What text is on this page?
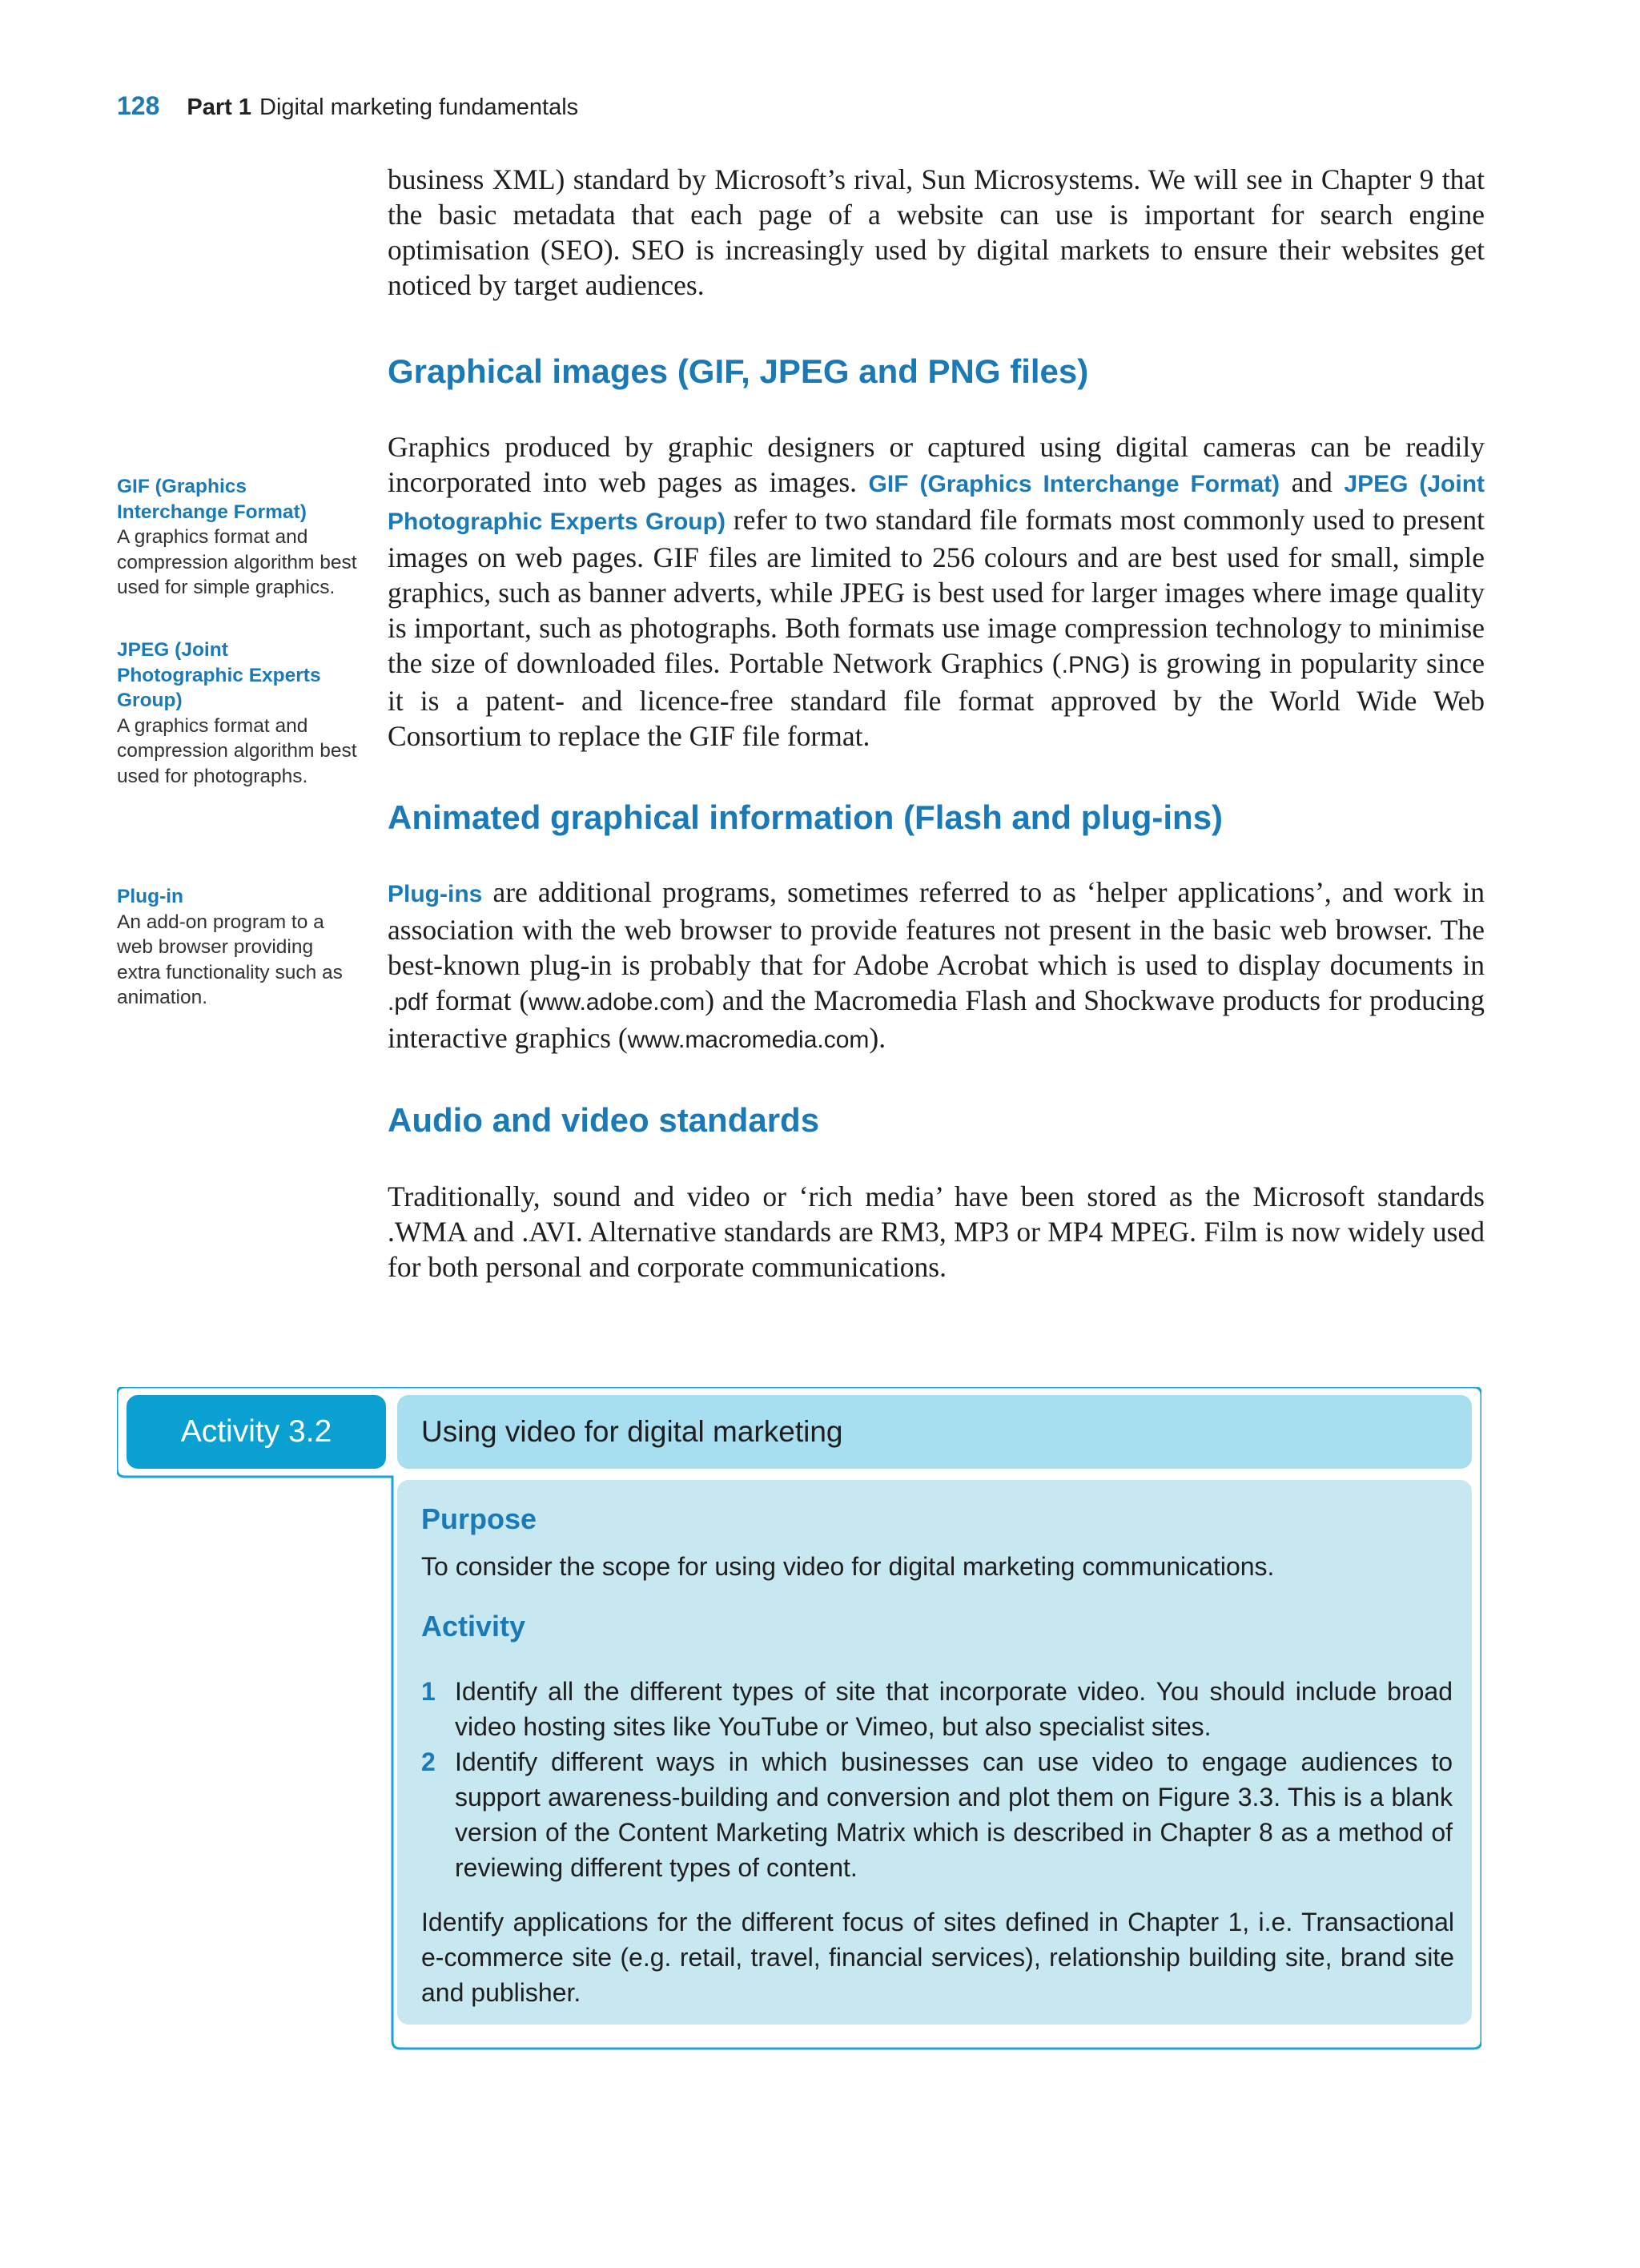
128 Part 1 Digital marketing fundamentals

business XML) standard by Microsoft’s rival, Sun Microsystems. We will see in Chapter 9 that the basic metadata that each page of a website can use is important for search engine optimisation (SEO). SEO is increasingly used by digital markets to ensure their websites get noticed by target audiences.

Graphical images (GIF, JPEG and PNG files)

Graphics produced by graphic designers or captured using digital cameras can be readily incorporated into web pages as images. GIF (Graphics Interchange Format) and JPEG (Joint Photographic Experts Group) refer to two standard file formats most commonly used to present images on web pages. GIF files are limited to 256 colours and are best used for small, simple graphics, such as banner adverts, while JPEG is best used for larger images where image quality is important, such as photographs. Both formats use image compression technology to minimise the size of downloaded files. Portable Network Graphics (.PNG) is growing in popularity since it is a patent- and licence-free standard file format approved by the World Wide Web Consortium to replace the GIF file format.

Animated graphical information (Flash and plug-ins)

Plug-ins are additional programs, sometimes referred to as ‘helper applications’, and work in association with the web browser to provide features not present in the basic web browser. The best-known plug-in is probably that for Adobe Acrobat which is used to display documents in .pdf format (www.adobe.com) and the Macromedia Flash and Shockwave products for producing interactive graphics (www.macromedia.com).

Audio and video standards

Traditionally, sound and video or ‘rich media’ have been stored as the Microsoft standards .WMA and .AVI. Alternative standards are RM3, MP3 or MP4 MPEG. Film is now widely used for both personal and corporate communications.

GIF (Graphics Interchange Format)
A graphics format and compression algorithm best used for simple graphics.
JPEG (Joint Photographic Experts Group)
A graphics format and compression algorithm best used for photographs.
Plug-in
An add-on program to a web browser providing extra functionality such as animation.
Activity 3.2	Using video for digital marketing
Purpose

To consider the scope for using video for digital marketing communications.

Activity
1 Identify all the different types of site that incorporate video. You should include broad video hosting sites like YouTube or Vimeo, but also specialist sites.

2 Identify different ways in which businesses can use video to engage audiences to support awareness-building and conversion and plot them on Figure 3.3. This is a blank version of the Content Marketing Matrix which is described in Chapter 8 as a method of reviewing different types of content.

Identify applications for the different focus of sites defined in Chapter 1, i.e. Transactional e-commerce site (e.g. retail, travel, financial services), relationship building site, brand site and publisher.
